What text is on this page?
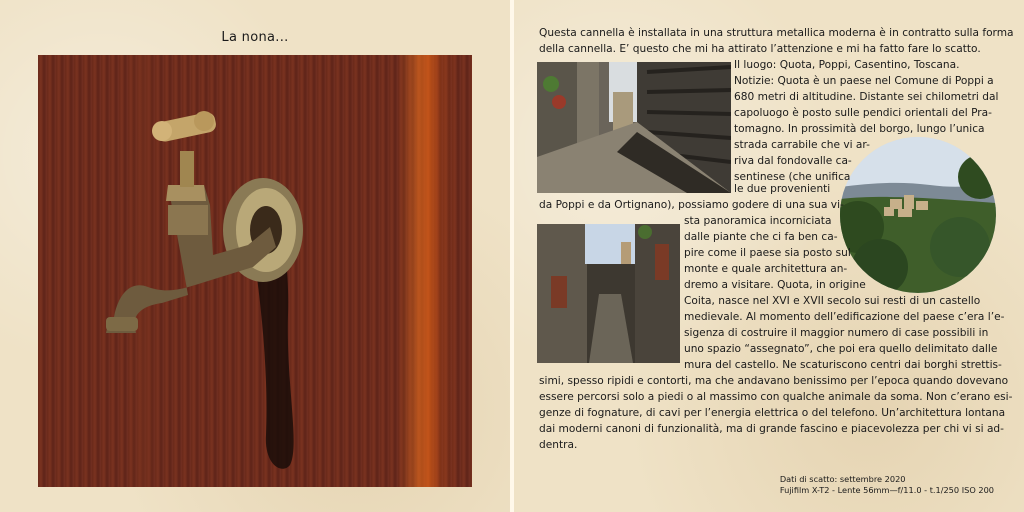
La nona...	Questa cannella è installata in una struttura metallica moderna è in contratto sulla forma
della cannella. E’ questo che mi ha attirato l’attenzione e mi ha fatto fare lo scatto.
Il luogo: Quota, Poppi, Casentino, Toscana.
Notizie: Quota è un paese nel Comune di Poppi a
680 metri di altitudine. Distante sei chilometri dal
capoluogo è posto sulle pendici orientali del Pra-
tomagno. In prossimità del borgo, lungo l’unica
strada carrabile che vi ar-
riva dal fondovalle ca-
sentinese (che unifica
le due provenienti
da Poppi e da Ortignano), possiamo godere di una sua vi-
sta panoramica incorniciata
dalle piante che ci fa ben ca-
pire come il paese sia posto sul
monte e quale architettura an-
dremo a visitare. Quota, in origine
Coita, nasce nel XVI e XVII secolo sui resti di un castello
medievale. Al momento dell’edificazione del paese c’era l’e-
sigenza di costruire il maggior numero di case possibili in
uno spazio “assegnato”, che poi era quello delimitato dalle
mura del castello. Ne scaturiscono centri dai borghi strettis-
simi, spesso ripidi e contorti, ma che andavano benissimo per l’epoca quando dovevano
essere percorsi solo a piedi o al massimo con qualche animale da soma. Non c’erano esi-
genze di fognature, di cavi per l’energia elettrica o del telefono. Un’architettura lontana
dai moderni canoni di funzionalità, ma di grande fascino e piacevolezza per chi vi si ad-
dentra.
Dati di scatto: settembre 2020
Fujifilm X-T2 - Lente 56mm—f/11.0 - t.1/250 ISO 200
